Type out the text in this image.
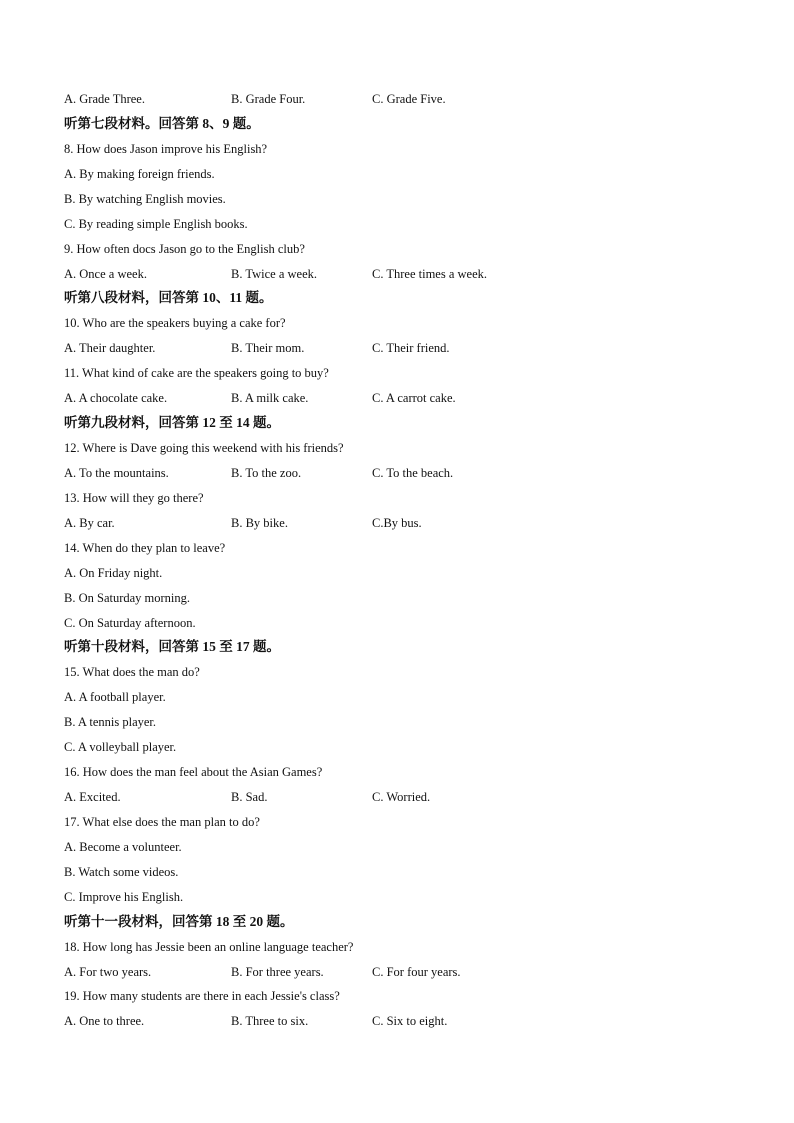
A. Grade Three.	B. Grade Four.	C. Grade Five.
听第七段材料。回答第 8、9 题。
8. How does Jason improve his English?
A. By making foreign friends.
B. By watching English movies.
C. By reading simple English books.
9. How often docs Jason go to the English club?
A. Once a week.	B. Twice a week.	C. Three times a week.
听第八段材料，回答第 10、11 题。
10. Who are the speakers buying a cake for?
A. Their daughter.	B. Their mom.	C. Their friend.
11. What kind of cake are the speakers going to buy?
A. A chocolate cake.	B. A milk cake.	C. A carrot cake.
听第九段材料，回答第 12 至 14 题。
12. Where is Dave going this weekend with his friends?
A. To the mountains.	B. To the zoo.	C. To the beach.
13. How will they go there?
A. By car.	B. By bike.	C.By bus.
14. When do they plan to leave?
A. On Friday night.
B. On Saturday morning.
C. On Saturday afternoon.
听第十段材料，回答第 15 至 17 题。
15. What does the man do?
A. A football player.
B. A tennis player.
C. A volleyball player.
16. How does the man feel about the Asian Games?
A. Excited.	B. Sad.	C. Worried.
17. What else does the man plan to do?
A. Become a volunteer.
B. Watch some videos.
C. Improve his English.
听第十一段材料，回答第 18 至 20 题。
18. How long has Jessie been an online language teacher?
A. For two years.	B. For three years.	C. For four years.
19. How many students are there in each Jessie's class?
A. One to three.	B. Three to six.	C. Six to eight.
